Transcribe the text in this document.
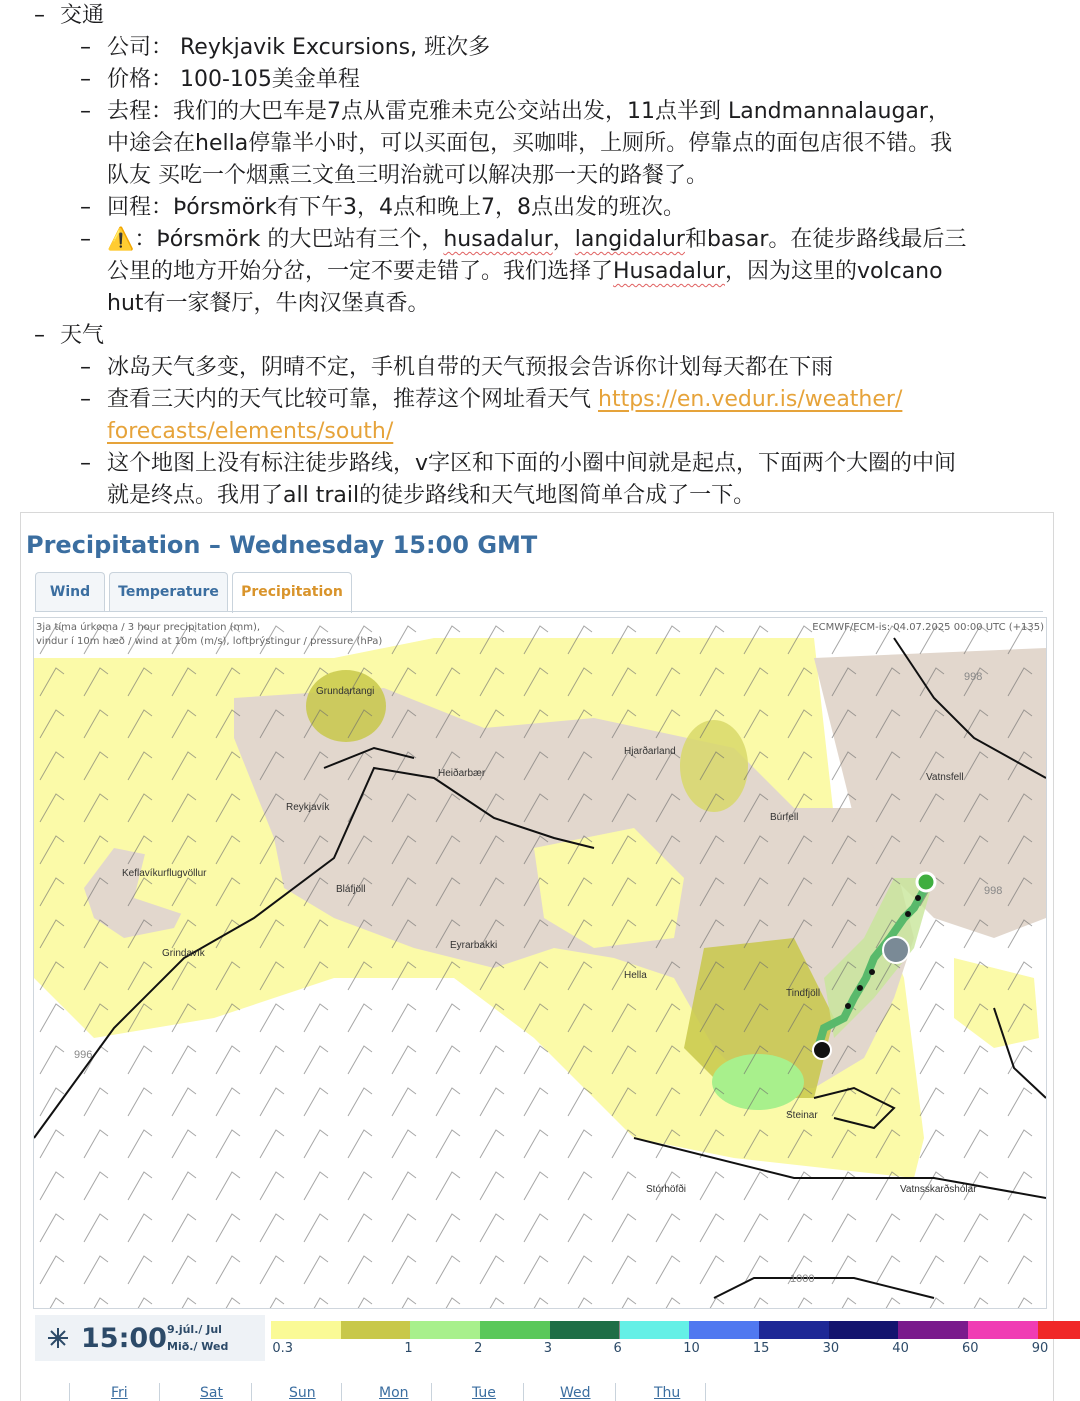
– 交通
– 公司： Reykjavik Excursions, 班次多
– 价格： 100-105美金单程
– 去程：我们的大巴车是7点从雷克雅未克公交站出发，11点半到 Landmannalaugar，
中途会在hella停靠半小时，可以买面包，买咖啡，上厕所。停靠点的面包店很不错。我
队友 买吃一个烟熏三文鱼三明治就可以解决那一天的路餐了。
– 回程：Þórsmörk有下午3，4点和晚上7，8点出发的班次。
– ⚠️：Þórsmörk 的大巴站有三个，husadalur，langidalur和basar。在徒步路线最后三
公里的地方开始分岔，一定不要走错了。我们选择了Husadalur，因为这里的volcano
hut有一家餐厅，牛肉汉堡真香。
– 天气
– 冰岛天气多变，阴晴不定，手机自带的天气预报会告诉你计划每天都在下雨
– 查看三天内的天气比较可靠，推荐这个网址看天气 https://en.vedur.is/weather/
forecasts/elements/south/
– 这个地图上没有标注徒步路线，v字区和下面的小圈中间就是起点，下面两个大圈的中间
就是终点。我用了all trail的徒步路线和天气地图简单合成了一下。
Precipitation – Wednesday 15:00 GMT
Wind	Temperature	Precipitation
Grundartangi
Reykjavík
Keflavíkurflugvöllur
Grindavík
Bláfjöll
Heiðarbær
Hjarðarland
Búrfell
Vatnsfell
Eyrarbakki
Hella
Tindfjöll
Steinar
Stórhöfði	Vatnsskarðshólar
996
998
998
1000
3ja tíma úrkoma / 3 hour precipitation (mm),
vindur í 10m hæð / wind at 10m (m/s), loftþrýstingur / pressure (hPa)
ECMWF/ECM-is: 04.07.2025 00:00 UTC (+135)
15:00 9.júl./ Jul
Mið./ Wed	0.3	1	2	3	6	10	15	30	40	60	90
Fri	Sat	Sun	Mon	Tue	Wed	Thu
